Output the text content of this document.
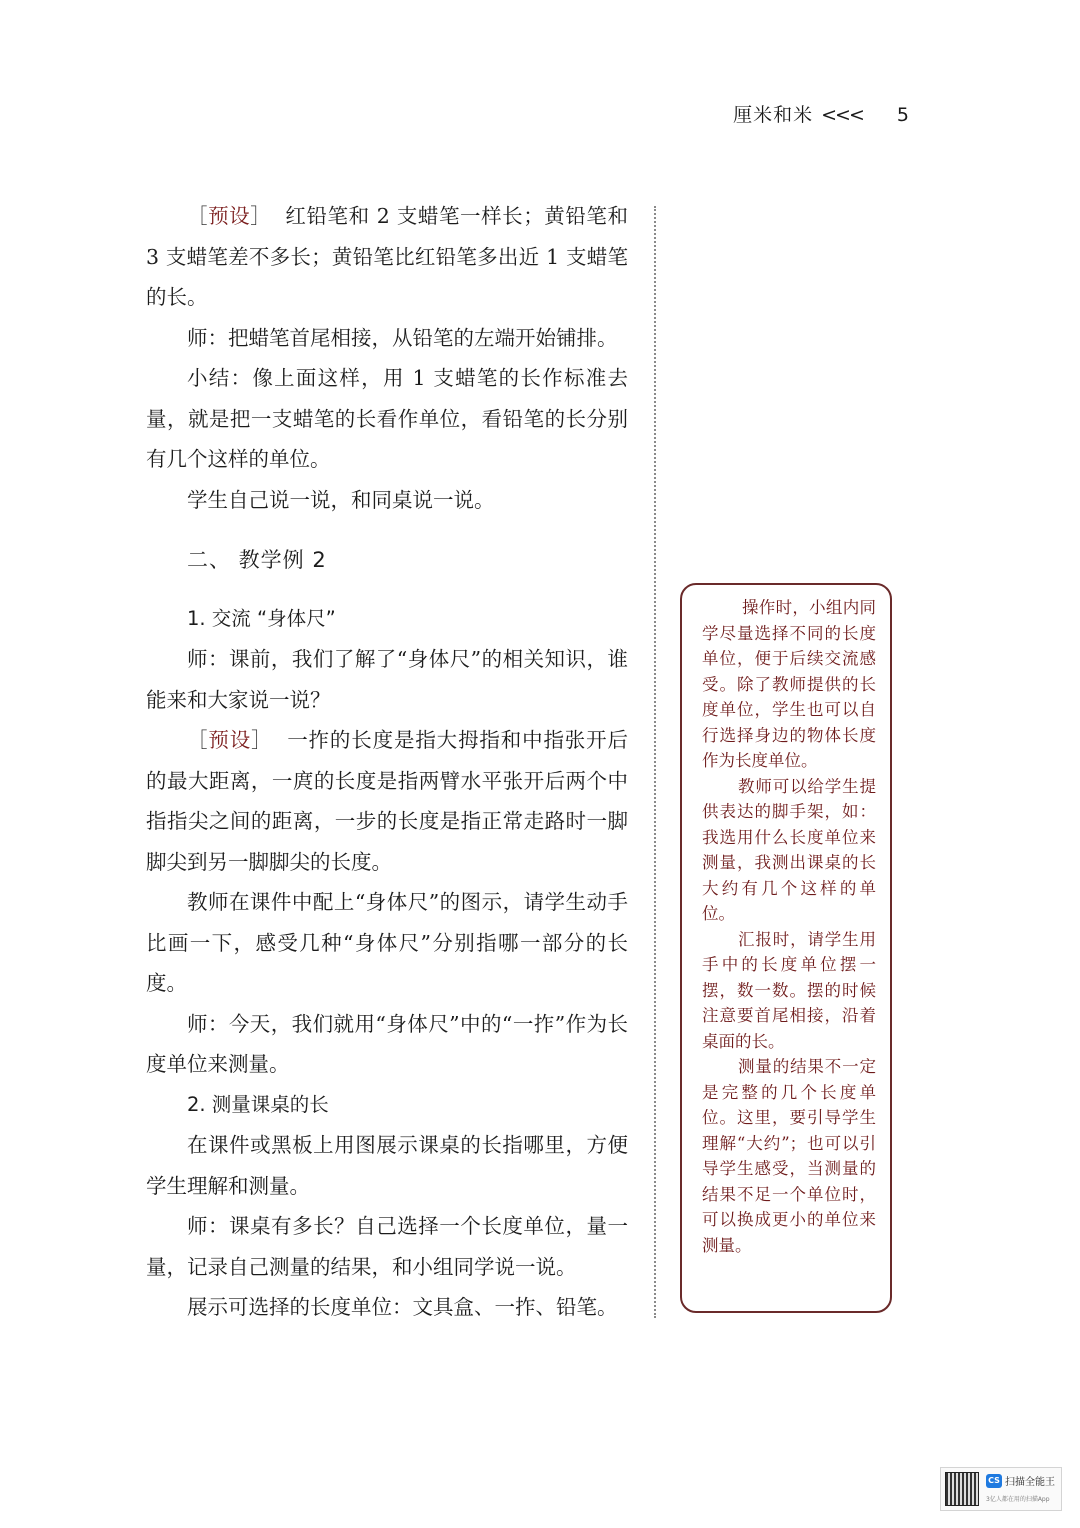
厘米和米 <<< 5

［预设］ 红铅笔和 2 支蜡笔一样长；黄铅笔和 3 支蜡笔差不多长；黄铅笔比红铅笔多出近 1 支蜡笔的长。

师：把蜡笔首尾相接，从铅笔的左端开始铺排。

小结：像上面这样，用 1 支蜡笔的长作标准去量，就是把一支蜡笔的长看作单位，看铅笔的长分别有几个这样的单位。

学生自己说一说，和同桌说一说。

二、 教学例 2

1. 交流 “身体尺”

师：课前，我们了解了“身体尺”的相关知识，谁能来和大家说一说？

［预设］ 一拃的长度是指大拇指和中指张开后的最大距离，一庹的长度是指两臂水平张开后两个中指指尖之间的距离，一步的长度是指正常走路时一脚脚尖到另一脚脚尖的长度。

教师在课件中配上“身体尺”的图示，请学生动手比画一下，感受几种“身体尺”分别指哪一部分的长度。

师：今天，我们就用“身体尺”中的“一拃”作为长度单位来测量。

2. 测量课桌的长

在课件或黑板上用图展示课桌的长指哪里，方便学生理解和测量。

师：课桌有多长？自己选择一个长度单位，量一量，记录自己测量的结果，和小组同学说一说。

展示可选择的长度单位：文具盒、一拃、铅笔。

操作时，小组内同学尽量选择不同的长度单位，便于后续交流感受。除了教师提供的长度单位，学生也可以自行选择身边的物体长度作为长度单位。

教师可以给学生提供表达的脚手架，如：我选用什么长度单位来测量，我测出课桌的长大约有几个这样的单位。

汇报时，请学生用手中的长度单位摆一摆，数一数。摆的时候注意要首尾相接，沿着桌面的长。

测量的结果不一定是完整的几个长度单位。这里，要引导学生理解“大约”；也可以引导学生感受，当测量的结果不足一个单位时，可以换成更小的单位来测量。

CS 扫描全能王
3亿人都在用的扫描App
